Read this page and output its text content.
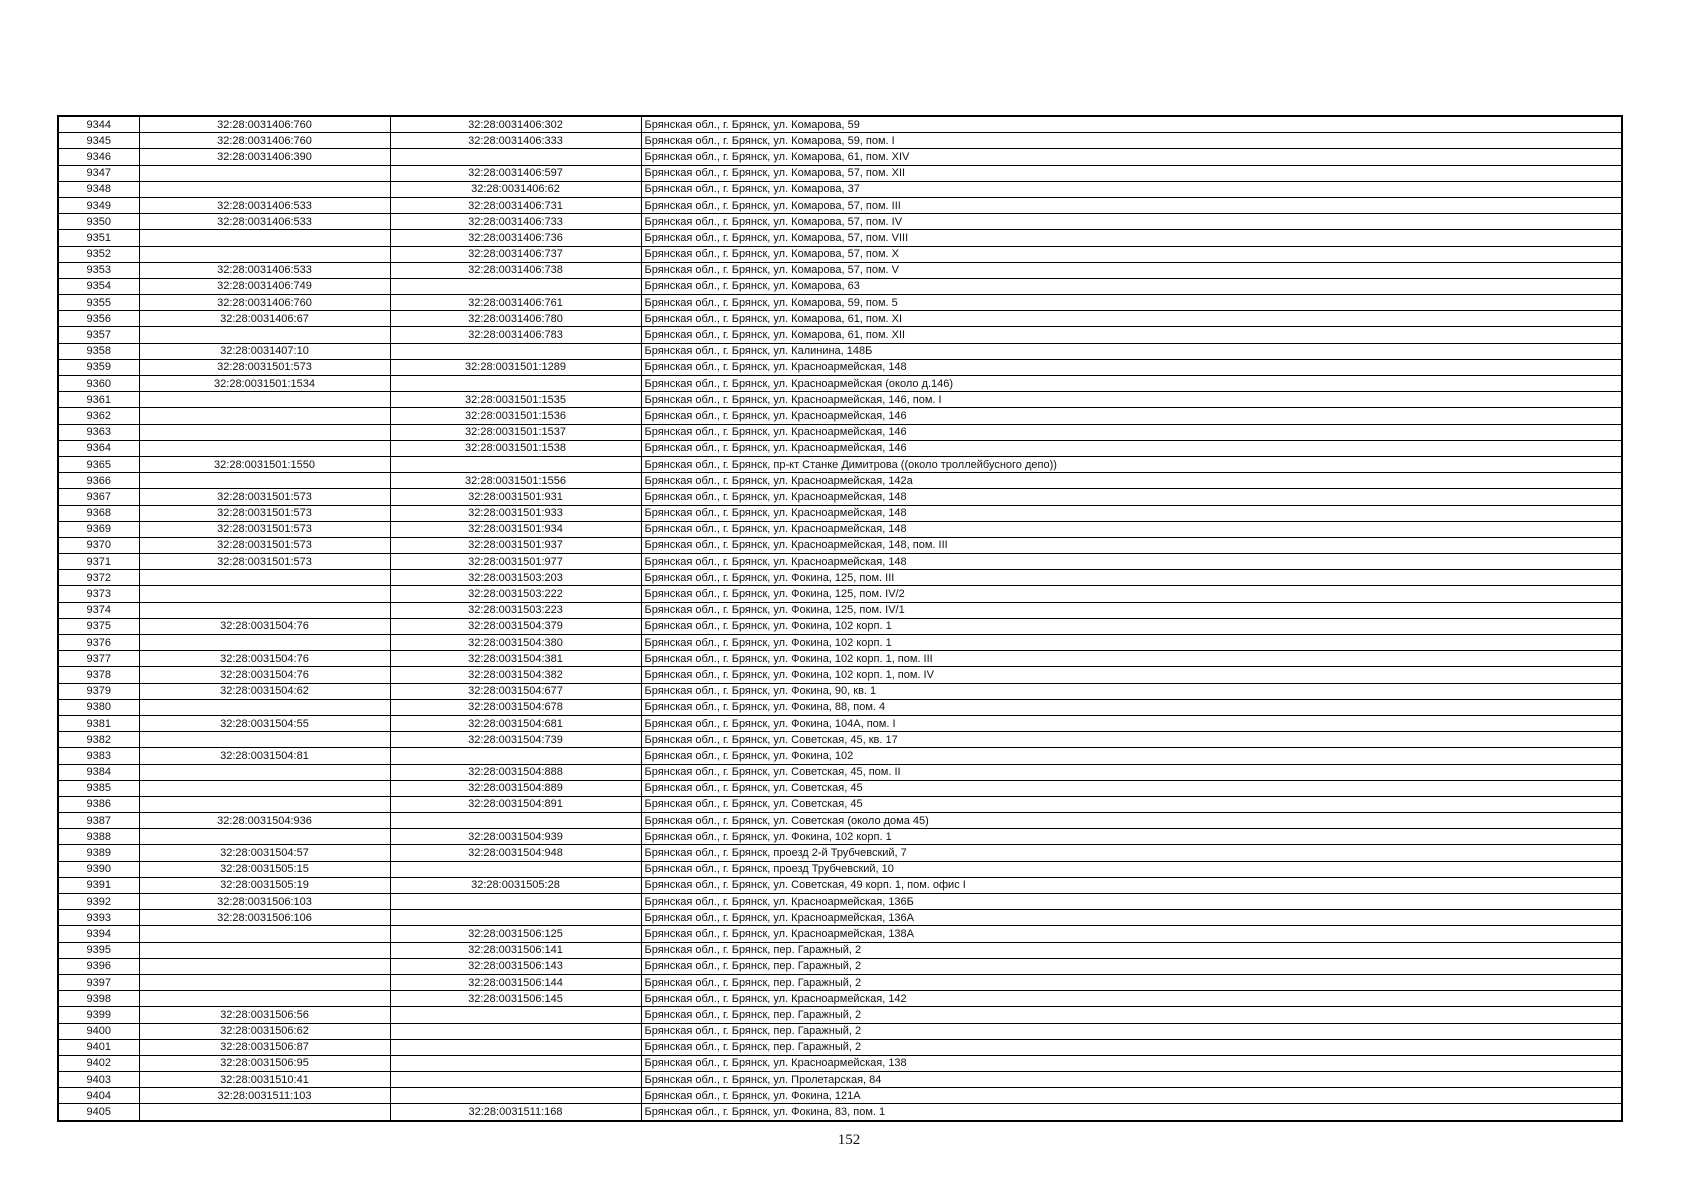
9344	32:28:0031406:760	32:28:0031406:302	Брянская обл., г. Брянск, ул. Комарова, 59
9345	32:28:0031406:760	32:28:0031406:333	Брянская обл., г. Брянск, ул. Комарова, 59, пом. I
9346	32:28:0031406:390		Брянская обл., г. Брянск, ул. Комарова, 61, пом. XIV
9347		32:28:0031406:597	Брянская обл., г. Брянск, ул. Комарова, 57, пом. XII
9348		32:28:0031406:62	Брянская обл., г. Брянск, ул. Комарова, 37
9349	32:28:0031406:533	32:28:0031406:731	Брянская обл., г. Брянск, ул. Комарова, 57, пом. III
9350	32:28:0031406:533	32:28:0031406:733	Брянская обл., г. Брянск, ул. Комарова, 57, пом. IV
9351		32:28:0031406:736	Брянская обл., г. Брянск, ул. Комарова, 57, пом. VIII
9352		32:28:0031406:737	Брянская обл., г. Брянск, ул. Комарова, 57, пом. X
9353	32:28:0031406:533	32:28:0031406:738	Брянская обл., г. Брянск, ул. Комарова, 57, пом. V
9354	32:28:0031406:749		Брянская обл., г. Брянск, ул. Комарова, 63
9355	32:28:0031406:760	32:28:0031406:761	Брянская обл., г. Брянск, ул. Комарова, 59, пом. 5
9356	32:28:0031406:67	32:28:0031406:780	Брянская обл., г. Брянск, ул. Комарова, 61, пом. XI
9357		32:28:0031406:783	Брянская обл., г. Брянск, ул. Комарова, 61, пом. XII
9358	32:28:0031407:10		Брянская обл., г. Брянск, ул. Калинина, 148Б
9359	32:28:0031501:573	32:28:0031501:1289	Брянская обл., г. Брянск, ул. Красноармейская, 148
9360	32:28:0031501:1534		Брянская обл., г. Брянск, ул. Красноармейская (около д.146)
9361		32:28:0031501:1535	Брянская обл., г. Брянск, ул. Красноармейская, 146, пом. I
9362		32:28:0031501:1536	Брянская обл., г. Брянск, ул. Красноармейская, 146
9363		32:28:0031501:1537	Брянская обл., г. Брянск, ул. Красноармейская, 146
9364		32:28:0031501:1538	Брянская обл., г. Брянск, ул. Красноармейская, 146
9365	32:28:0031501:1550		Брянская обл., г. Брянск, пр-кт Станке Димитрова ((около троллейбусного депо))
9366		32:28:0031501:1556	Брянская обл., г. Брянск, ул. Красноармейская, 142а
9367	32:28:0031501:573	32:28:0031501:931	Брянская обл., г. Брянск, ул. Красноармейская, 148
9368	32:28:0031501:573	32:28:0031501:933	Брянская обл., г. Брянск, ул. Красноармейская, 148
9369	32:28:0031501:573	32:28:0031501:934	Брянская обл., г. Брянск, ул. Красноармейская, 148
9370	32:28:0031501:573	32:28:0031501:937	Брянская обл., г. Брянск, ул. Красноармейская, 148, пом. III
9371	32:28:0031501:573	32:28:0031501:977	Брянская обл., г. Брянск, ул. Красноармейская, 148
9372		32:28:0031503:203	Брянская обл., г. Брянск, ул. Фокина, 125, пом. III
9373		32:28:0031503:222	Брянская обл., г. Брянск, ул. Фокина, 125, пом. IV/2
9374		32:28:0031503:223	Брянская обл., г. Брянск, ул. Фокина, 125, пом. IV/1
9375	32:28:0031504:76	32:28:0031504:379	Брянская обл., г. Брянск, ул. Фокина, 102 корп. 1
9376		32:28:0031504:380	Брянская обл., г. Брянск, ул. Фокина, 102 корп. 1
9377	32:28:0031504:76	32:28:0031504:381	Брянская обл., г. Брянск, ул. Фокина, 102 корп. 1, пом. III
9378	32:28:0031504:76	32:28:0031504:382	Брянская обл., г. Брянск, ул. Фокина, 102 корп. 1, пом. IV
9379	32:28:0031504:62	32:28:0031504:677	Брянская обл., г. Брянск, ул. Фокина, 90, кв. 1
9380		32:28:0031504:678	Брянская обл., г. Брянск, ул. Фокина, 88, пом. 4
9381	32:28:0031504:55	32:28:0031504:681	Брянская обл., г. Брянск, ул. Фокина, 104А, пом. I
9382		32:28:0031504:739	Брянская обл., г. Брянск, ул. Советская, 45, кв. 17
9383	32:28:0031504:81		Брянская обл., г. Брянск, ул. Фокина, 102
9384		32:28:0031504:888	Брянская обл., г. Брянск, ул. Советская, 45, пом. II
9385		32:28:0031504:889	Брянская обл., г. Брянск, ул. Советская, 45
9386		32:28:0031504:891	Брянская обл., г. Брянск, ул. Советская, 45
9387	32:28:0031504:936		Брянская обл., г. Брянск, ул. Советская (около дома 45)
9388		32:28:0031504:939	Брянская обл., г. Брянск, ул. Фокина, 102 корп. 1
9389	32:28:0031504:57	32:28:0031504:948	Брянская обл., г. Брянск, проезд 2-й Трубчевский, 7
9390	32:28:0031505:15		Брянская обл., г. Брянск, проезд Трубчевский, 10
9391	32:28:0031505:19	32:28:0031505:28	Брянская обл., г. Брянск, ул. Советская, 49 корп. 1, пом. офис I
9392	32:28:0031506:103		Брянская обл., г. Брянск, ул. Красноармейская, 136Б
9393	32:28:0031506:106		Брянская обл., г. Брянск, ул. Красноармейская, 136А
9394		32:28:0031506:125	Брянская обл., г. Брянск, ул. Красноармейская, 138А
9395		32:28:0031506:141	Брянская обл., г. Брянск, пер. Гаражный, 2
9396		32:28:0031506:143	Брянская обл., г. Брянск, пер. Гаражный, 2
9397		32:28:0031506:144	Брянская обл., г. Брянск, пер. Гаражный, 2
9398		32:28:0031506:145	Брянская обл., г. Брянск, ул. Красноармейская, 142
9399	32:28:0031506:56		Брянская обл., г. Брянск, пер. Гаражный, 2
9400	32:28:0031506:62		Брянская обл., г. Брянск, пер. Гаражный, 2
9401	32:28:0031506:87		Брянская обл., г. Брянск, пер. Гаражный, 2
9402	32:28:0031506:95		Брянская обл., г. Брянск, ул. Красноармейская, 138
9403	32:28:0031510:41		Брянская обл., г. Брянск, ул. Пролетарская, 84
9404	32:28:0031511:103		Брянская обл., г. Брянск, ул. Фокина, 121А
9405		32:28:0031511:168	Брянская обл., г. Брянск, ул. Фокина, 83, пом. 1
152
